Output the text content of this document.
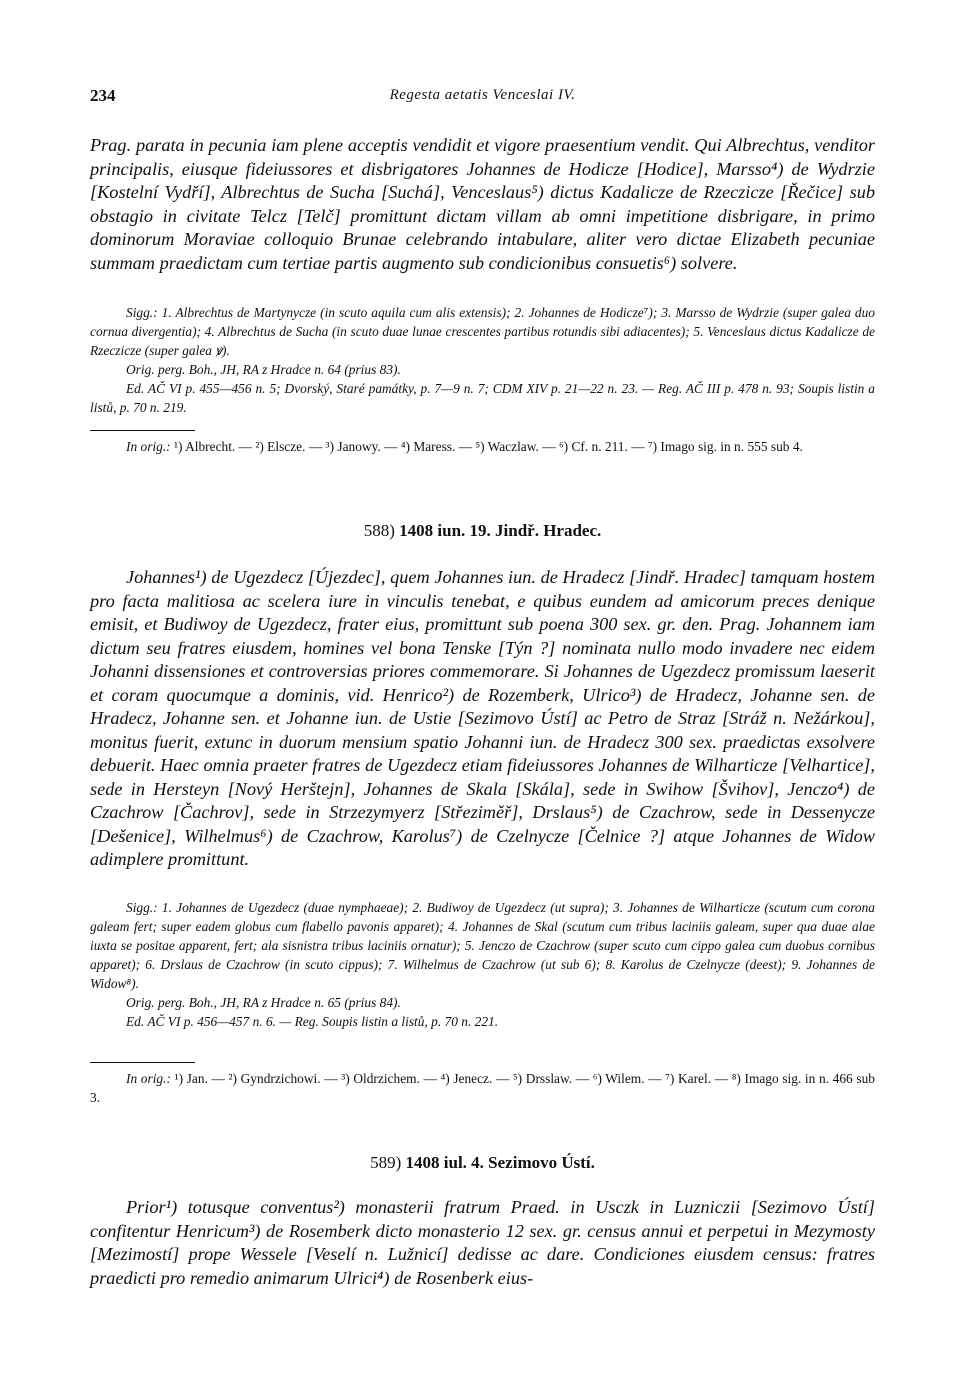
234	Regesta aetatis Venceslai IV.

Prag. parata in pecunia iam plene acceptis vendidit et vigore praesentium vendit. Qui Albrechtus, venditor principalis, eiusque fideiussores et disbrigatores Johannes de Hodicze [Hodice], Marsso⁴) de Wydrzie [Kostelní Vydří], Albrechtus de Sucha [Suchá], Venceslaus⁵) dictus Kadalicze de Rzeczicze [Řečice] sub obstagio in civitate Telcz [Telč] promittunt dictam villam ab omni impetitione disbrigare, in primo dominorum Moraviae colloquio Brunae celebrando intabulare, aliter vero dictae Elizabeth pecuniae summam praedictam cum tertiae partis augmento sub condicionibus consuetis⁶) solvere.

Sigg.: 1. Albrechtus de Martynycze (in scuto aquila cum alis extensis); 2. Johannes de Hodicze⁷); 3. Marsso de Wydrzie (super galea duo cornua divergentia); 4. Albrechtus de Sucha (in scuto duae lunae crescentes partibus rotundis sibi adiacentes); 5. Venceslaus dictus Kadalicze de Rzeczicze (super galea ꝟ).

Orig. perg. Boh., JH, RA z Hradce n. 64 (prius 83).

Ed. AČ VI p. 455—456 n. 5; Dvorský, Staré památky, p. 7—9 n. 7; CDM XIV p. 21—22 n. 23. — Reg. AČ III p. 478 n. 93; Soupis listin a listů, p. 70 n. 219.

In orig.: ¹) Albrecht. — ²) Elscze. — ³) Janowy. — ⁴) Maress. — ⁵) Waczlaw. — ⁶) Cf. n. 211. — ⁷) Imago sig. in n. 555 sub 4.

588) 1408 iun. 19. Jindř. Hradec.

Johannes¹) de Ugezdecz [Újezdec], quem Johannes iun. de Hradecz [Jindř. Hradec] tamquam hostem pro facta malitiosa ac scelera iure in vinculis tenebat, e quibus eundem ad amicorum preces denique emisit, et Budiwoy de Ugezdecz, frater eius, promittunt sub poena 300 sex. gr. den. Prag. Johannem iam dictum seu fratres eiusdem, homines vel bona Tenske [Týn ?] nominata nullo modo invadere nec eidem Johanni dissensiones et controversias priores commemorare. Si Johannes de Ugezdecz promissum laeserit et coram quocumque a dominis, vid. Henrico²) de Rozemberk, Ulrico³) de Hradecz, Johanne sen. de Hradecz, Johanne sen. et Johanne iun. de Ustie [Sezimovo Ústí] ac Petro de Straz [Stráž n. Nežárkou], monitus fuerit, extunc in duorum mensium spatio Johanni iun. de Hradecz 300 sex. praedictas exsolvere debuerit. Haec omnia praeter fratres de Ugezdecz etiam fideiussores Johannes de Wilharticze [Velhartice], sede in Hersteyn [Nový Herštejn], Johannes de Skala [Skála], sede in Swihow [Švihov], Jenczo⁴) de Czachrow [Čachrov], sede in Strzezymyerz [Střeziměř], Drslaus⁵) de Czachrow, sede in Dessenycze [Dešenice], Wilhelmus⁶) de Czachrow, Karolus⁷) de Czelnycze [Čelnice ?] atque Johannes de Widow adimplere promittunt.

Sigg.: 1. Johannes de Ugezdecz (duae nymphaeae); 2. Budiwoy de Ugezdecz (ut supra); 3. Johannes de Wilharticze (scutum cum corona galeam fert; super eadem globus cum flabello pavonis apparet); 4. Johannes de Skal (scutum cum tribus laciniis galeam, super qua duae alae iuxta se positae apparent, fert; ala sisnistra tribus laciniis ornatur); 5. Jenczo de Czachrow (super scuto cum cippo galea cum duobus cornibus apparet); 6. Drslaus de Czachrow (in scuto cippus); 7. Wilhelmus de Czachrow (ut sub 6); 8. Karolus de Czelnycze (deest); 9. Johannes de Widow⁸).

Orig. perg. Boh., JH, RA z Hradce n. 65 (prius 84).

Ed. AČ VI p. 456—457 n. 6. — Reg. Soupis listin a listů, p. 70 n. 221.

In orig.: ¹) Jan. — ²) Gyndrzichowi. — ³) Oldrzichem. — ⁴) Jenecz. — ⁵) Drsslaw. — ⁶) Wilem. — ⁷) Karel. — ⁸) Imago sig. in n. 466 sub 3.

589) 1408 iul. 4. Sezimovo Ústí.

Prior¹) totusque conventus²) monasterii fratrum Praed. in Usczk in Luzniczii [Sezimovo Ústí] confitentur Henricum³) de Rosemberk dicto monasterio 12 sex. gr. census annui et perpetui in Mezymosty [Mezimostí] prope Wessele [Veselí n. Lužnicí] dedisse ac dare. Condiciones eiusdem census: fratres praedicti pro remedio animarum Ulrici⁴) de Rosenberk eius-
